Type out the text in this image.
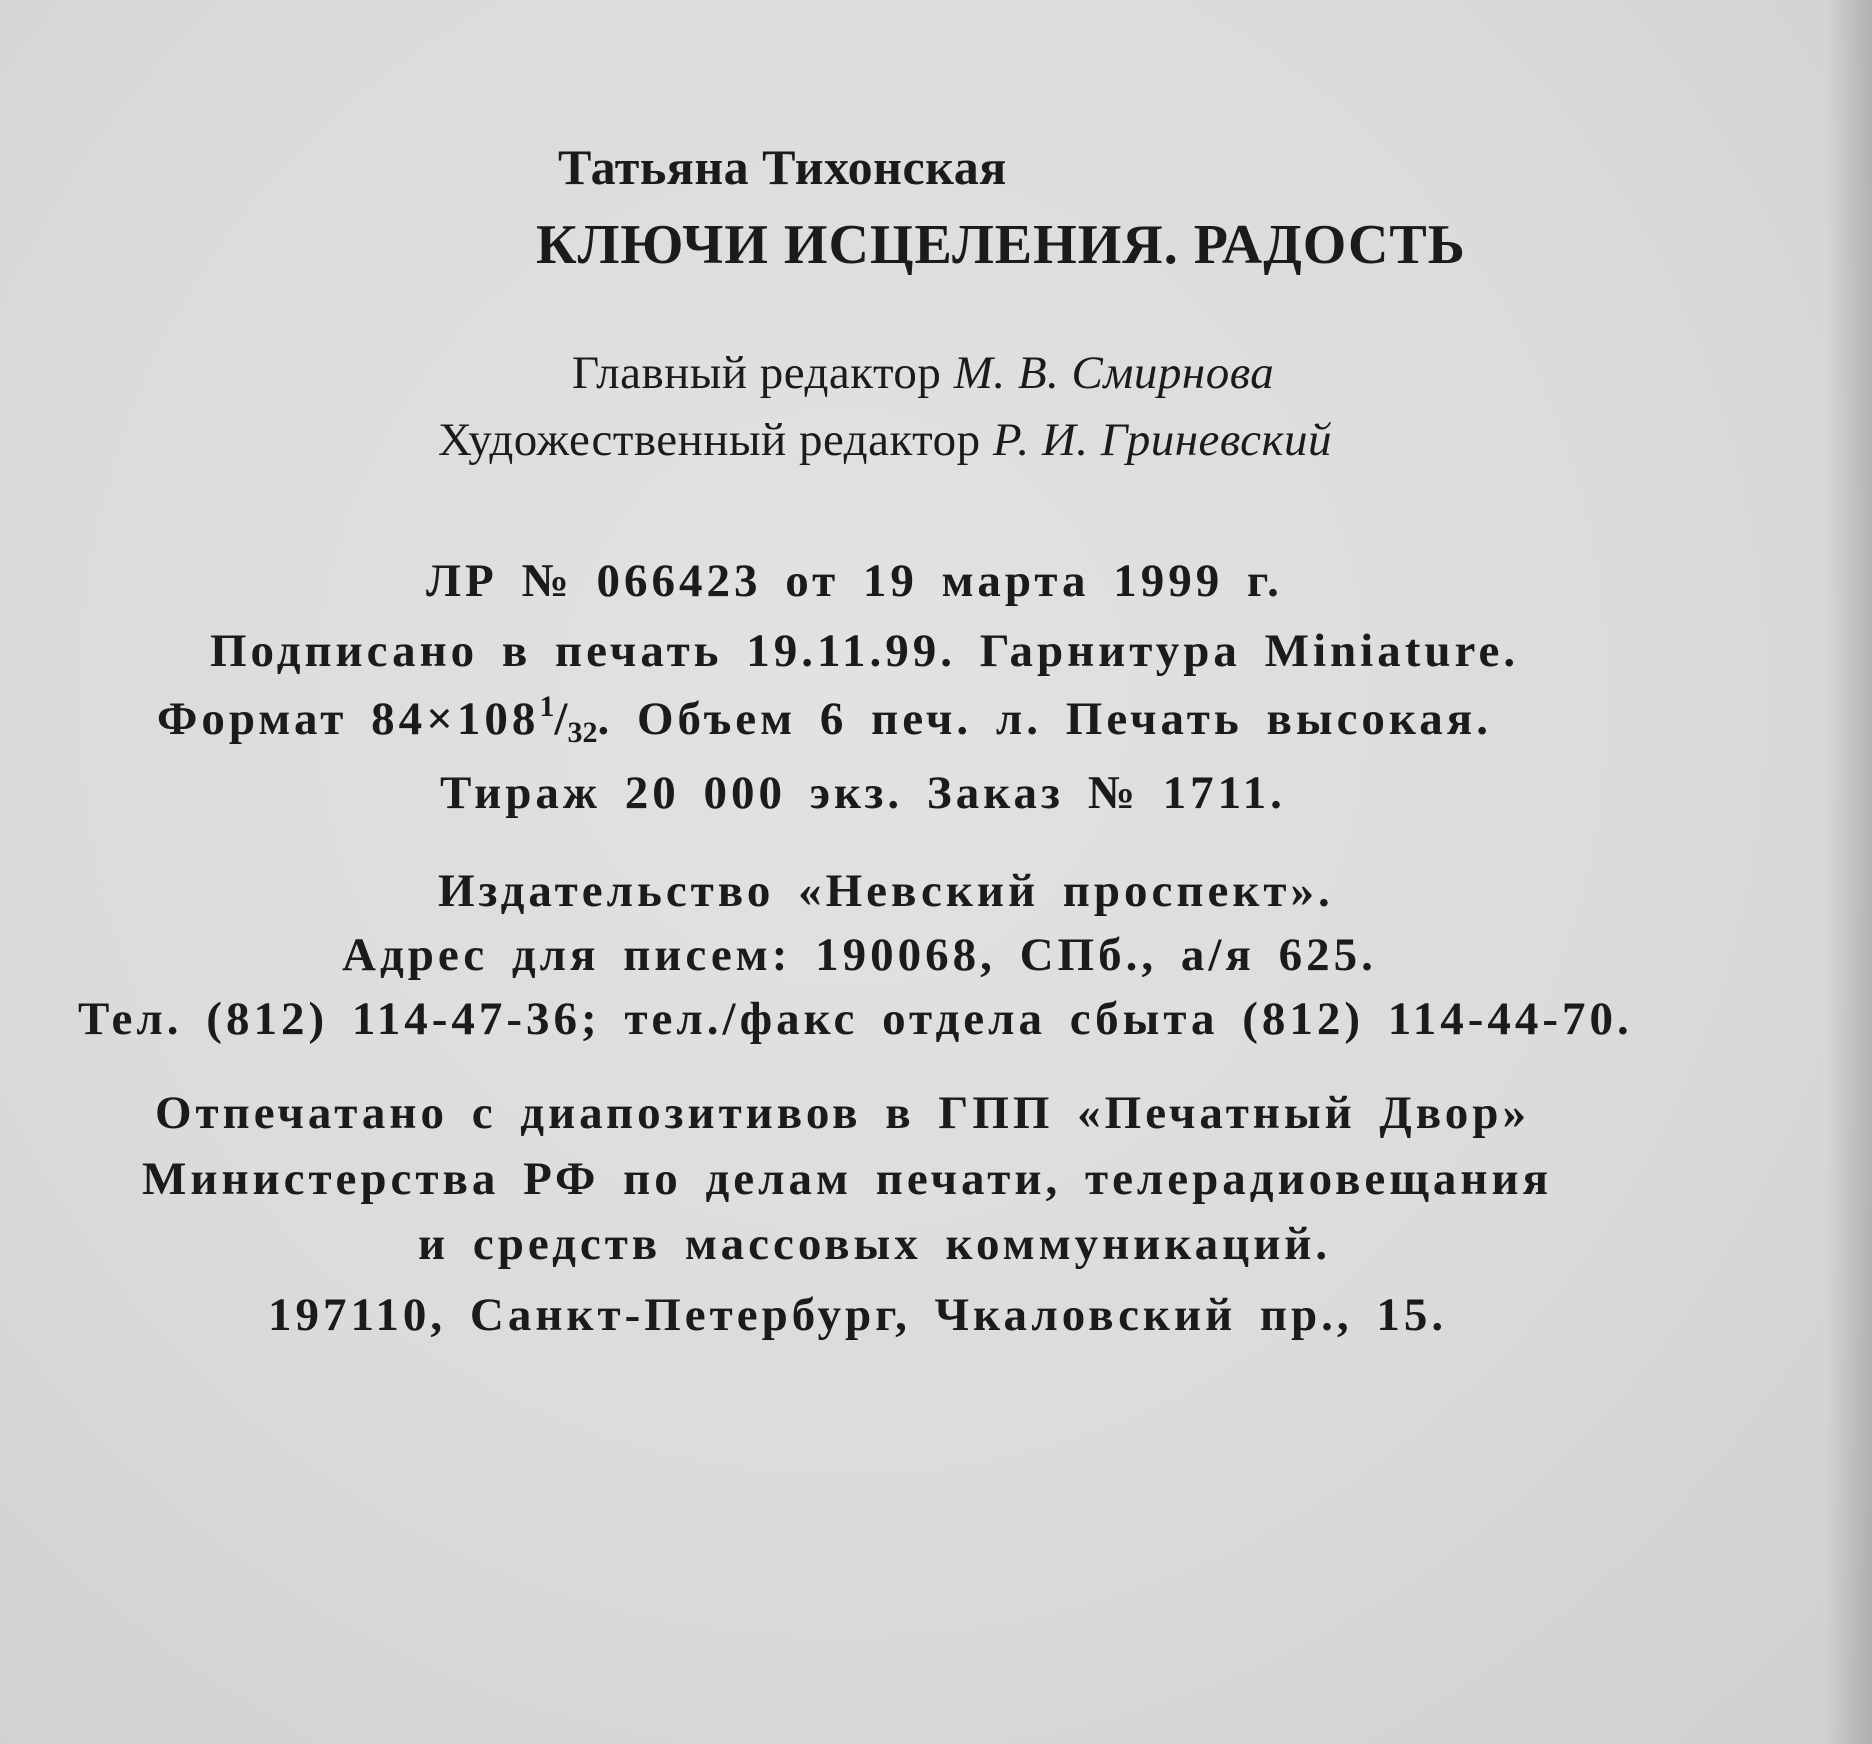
Татьяна Тихонская
КЛЮЧИ ИСЦЕЛЕНИЯ. РАДОСТЬ
Главный редактор М. В. Смирнова
Художественный редактор Р. И. Гриневский
ЛР № 066423 от 19 марта 1999 г.
Подписано в печать 19.11.99. Гарнитура Miniature.
Формат $84\times 108^1/32$. Объем 6 печ. л. Печать высокая.
Тираж 20 000 экз. Заказ № 1711.
Издательство «Невский проспект».
Адрес для писем: 190068, СПб., а/я 625.
Тел. (812) 114-47-36; тел./факс отдела сбыта (812) 114-44-70.
Отпечатано с диапозитивов в ГПП «Печатный Двор»
Министерства РФ по делам печати, телерадиовещания
и средств массовых коммуникаций.
197110, Санкт-Петербург, Чкаловский пр., 15.
